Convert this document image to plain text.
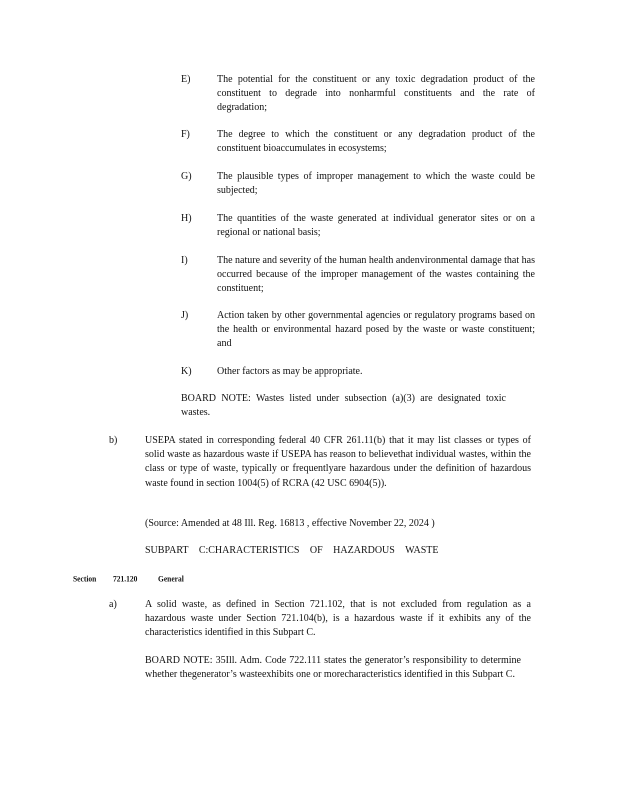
E)	The potential for the constituent or any toxic degradation product of the constituent to degrade into nonharmful constituents and the rate of degradation;
F)	The degree to which the constituent or any degradation product of the constituent bioaccumulates in ecosystems;
G)	The plausible types of improper management to which the waste could be subjected;
H)	The quantities of the waste generated at individual generator sites or on a regional or national basis;
I)	The nature and severity of the human health andenvironmental damage that has occurred because of the improper management of the wastes containing the constituent;
J)	Action taken by other governmental agencies or regulatory programs based on the health or environmental hazard posed by the waste or waste constituent; and
K)	Other factors as may be appropriate.
BOARD NOTE: Wastes listed under subsection (a)(3) are designated toxic wastes.
b)	USEPA stated in corresponding federal 40 CFR 261.11(b) that it may list classes or types of solid waste as hazardous waste if USEPA has reason to believethat individual wastes, within the class or type of waste, typically or frequentlyare hazardous under the definition of hazardous waste found in section 1004(5) of RCRA (42 USC 6904(5)).
(Source: Amended at 48 Ill. Reg. 16813 , effective November 22, 2024 )
SUBPART C:CHARACTERISTICS OF HAZARDOUS WASTE
Section 721.120	General
a)	A solid waste, as defined in Section 721.102, that is not excluded from regulation as a hazardous waste under Section 721.104(b), is a hazardous waste if it exhibits any of the characteristics identified in this Subpart C.
BOARD NOTE: 35Ill. Adm. Code 722.111 states the generator’s responsibility to determine whether thegenerator’s wasteexhibits one or morecharacteristics identified in this Subpart C.
